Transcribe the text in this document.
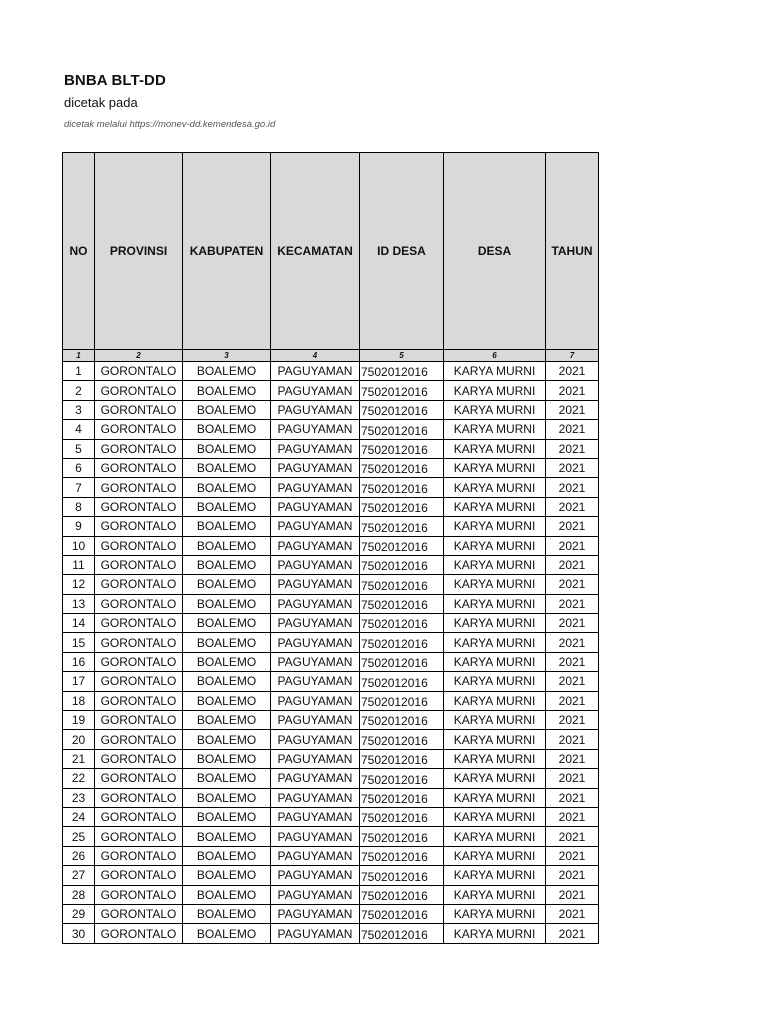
BNBA BLT-DD
dicetak pada
dicetak melalui https://monev-dd.kemendesa.go.id
NO	PROVINSI	KABUPATEN	KECAMATAN	ID DESA	DESA	TAHUN
1	2	3	4	5	6	7
1	GORONTALO	BOALEMO	PAGUYAMAN	7502012016	KARYA MURNI	2021
2	GORONTALO	BOALEMO	PAGUYAMAN	7502012016	KARYA MURNI	2021
3	GORONTALO	BOALEMO	PAGUYAMAN	7502012016	KARYA MURNI	2021
4	GORONTALO	BOALEMO	PAGUYAMAN	7502012016	KARYA MURNI	2021
5	GORONTALO	BOALEMO	PAGUYAMAN	7502012016	KARYA MURNI	2021
6	GORONTALO	BOALEMO	PAGUYAMAN	7502012016	KARYA MURNI	2021
7	GORONTALO	BOALEMO	PAGUYAMAN	7502012016	KARYA MURNI	2021
8	GORONTALO	BOALEMO	PAGUYAMAN	7502012016	KARYA MURNI	2021
9	GORONTALO	BOALEMO	PAGUYAMAN	7502012016	KARYA MURNI	2021
10	GORONTALO	BOALEMO	PAGUYAMAN	7502012016	KARYA MURNI	2021
11	GORONTALO	BOALEMO	PAGUYAMAN	7502012016	KARYA MURNI	2021
12	GORONTALO	BOALEMO	PAGUYAMAN	7502012016	KARYA MURNI	2021
13	GORONTALO	BOALEMO	PAGUYAMAN	7502012016	KARYA MURNI	2021
14	GORONTALO	BOALEMO	PAGUYAMAN	7502012016	KARYA MURNI	2021
15	GORONTALO	BOALEMO	PAGUYAMAN	7502012016	KARYA MURNI	2021
16	GORONTALO	BOALEMO	PAGUYAMAN	7502012016	KARYA MURNI	2021
17	GORONTALO	BOALEMO	PAGUYAMAN	7502012016	KARYA MURNI	2021
18	GORONTALO	BOALEMO	PAGUYAMAN	7502012016	KARYA MURNI	2021
19	GORONTALO	BOALEMO	PAGUYAMAN	7502012016	KARYA MURNI	2021
20	GORONTALO	BOALEMO	PAGUYAMAN	7502012016	KARYA MURNI	2021
21	GORONTALO	BOALEMO	PAGUYAMAN	7502012016	KARYA MURNI	2021
22	GORONTALO	BOALEMO	PAGUYAMAN	7502012016	KARYA MURNI	2021
23	GORONTALO	BOALEMO	PAGUYAMAN	7502012016	KARYA MURNI	2021
24	GORONTALO	BOALEMO	PAGUYAMAN	7502012016	KARYA MURNI	2021
25	GORONTALO	BOALEMO	PAGUYAMAN	7502012016	KARYA MURNI	2021
26	GORONTALO	BOALEMO	PAGUYAMAN	7502012016	KARYA MURNI	2021
27	GORONTALO	BOALEMO	PAGUYAMAN	7502012016	KARYA MURNI	2021
28	GORONTALO	BOALEMO	PAGUYAMAN	7502012016	KARYA MURNI	2021
29	GORONTALO	BOALEMO	PAGUYAMAN	7502012016	KARYA MURNI	2021
30	GORONTALO	BOALEMO	PAGUYAMAN	7502012016	KARYA MURNI	2021
